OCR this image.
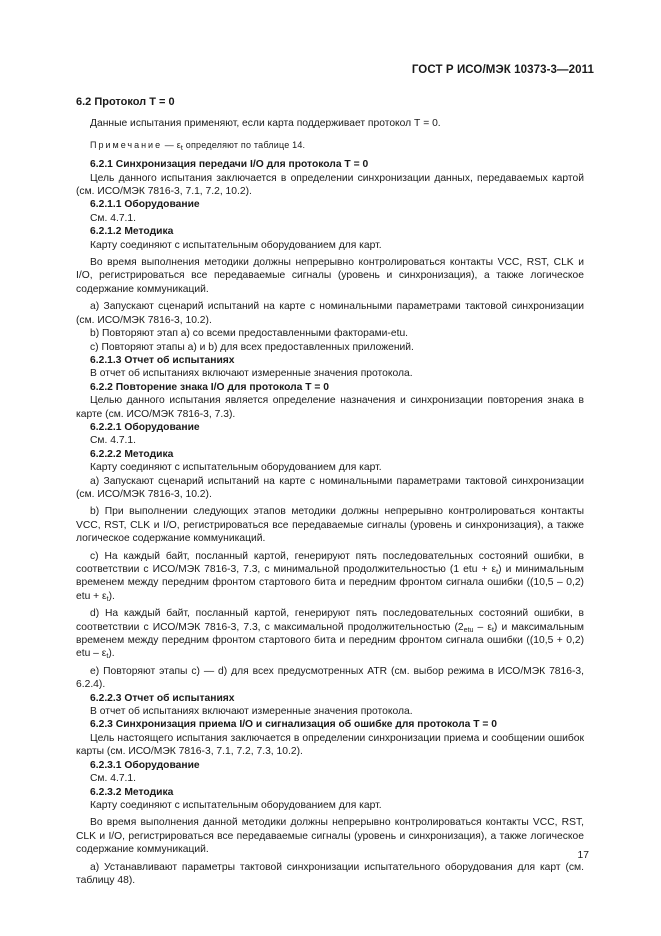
ГОСТ Р ИСО/МЭК 10373-3—2011

6.2 Протокол Т = 0

Данные испытания применяют, если карта поддерживает протокол Т = 0.

Примечание — $\varepsilon_t$ определяют по таблице 14.

6.2.1 Синхронизация передачи I/O для протокола Т = 0

Цель данного испытания заключается в определении синхронизации данных, передаваемых картой (см. ИСО/МЭК 7816-3, 7.1, 7.2, 10.2).

6.2.1.1 Оборудование

См. 4.7.1.

6.2.1.2 Методика

Карту соединяют с испытательным оборудованием для карт.

Во время выполнения методики должны непрерывно контролироваться контакты VCC, RST, CLK и I/O, регистрироваться все передаваемые сигналы (уровень и синхронизация), а также логическое содержание коммуникаций.

a) Запускают сценарий испытаний на карте с номинальными параметрами тактовой синхронизации (см. ИСО/МЭК 7816-3, 10.2).

b) Повторяют этап a) со всеми предоставленными факторами-etu.

c) Повторяют этапы a) и b) для всех предоставленных приложений.

6.2.1.3 Отчет об испытаниях

В отчет об испытаниях включают измеренные значения протокола.

6.2.2 Повторение знака I/O для протокола Т = 0

Целью данного испытания является определение назначения и синхронизации повторения знака в карте (см. ИСО/МЭК 7816-3, 7.3).

6.2.2.1 Оборудование

См. 4.7.1.

6.2.2.2 Методика

Карту соединяют с испытательным оборудованием для карт.

a) Запускают сценарий испытаний на карте с номинальными параметрами тактовой синхронизации (см. ИСО/МЭК 7816-3, 10.2).

b) При выполнении следующих этапов методики должны непрерывно контролироваться контакты VCC, RST, CLK и I/O, регистрироваться все передаваемые сигналы (уровень и синхронизация), а также логическое содержание коммуникаций.

c) На каждый байт, посланный картой, генерируют пять последовательных состояний ошибки, в соответствии с ИСО/МЭК 7816-3, 7.3, с минимальной продолжительностью (1 etu + $\varepsilon_t$) и минимальным временем между передним фронтом стартового бита и передним фронтом сигнала ошибки ((10,5 – 0,2) etu + $\varepsilon_t$).

d) На каждый байт, посланный картой, генерируют пять последовательных состояний ошибки, в соответствии с ИСО/МЭК 7816-3, 7.3, с максимальной продолжительностью $(2_{etu} - \varepsilon_t)$ и максимальным временем между передним фронтом стартового бита и передним фронтом сигнала ошибки ((10,5 + 0,2) etu – $\varepsilon_t$).

e) Повторяют этапы c) — d) для всех предусмотренных ATR (см. выбор режима в ИСО/МЭК 7816-3, 6.2.4).

6.2.2.3 Отчет об испытаниях

В отчет об испытаниях включают измеренные значения протокола.

6.2.3 Синхронизация приема I/O и сигнализация об ошибке для протокола Т = 0

Цель настоящего испытания заключается в определении синхронизации приема и сообщении ошибок карты (см. ИСО/МЭК 7816-3, 7.1, 7.2, 7.3, 10.2).

6.2.3.1 Оборудование

См. 4.7.1.

6.2.3.2 Методика

Карту соединяют с испытательным оборудованием для карт.

Во время выполнения данной методики должны непрерывно контролироваться контакты VCC, RST, CLK и I/O, регистрироваться все передаваемые сигналы (уровень и синхронизация), а также логическое содержание коммуникаций.

a) Устанавливают параметры тактовой синхронизации испытательного оборудования для карт (см. таблицу 48).

17
